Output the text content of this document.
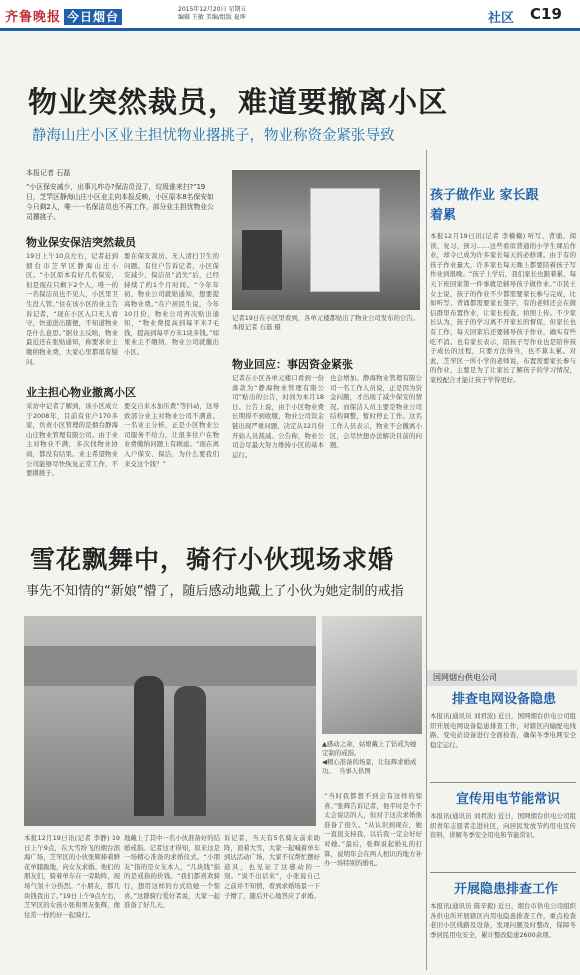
齐鲁晚报 今日烟台
2015年12月20日 星期五
编辑 王敏 美编/组版 夏坤	社区 C19
物业突然裁员，难道要撤离小区
静海山庄小区业主担忧物业撂挑子，物业称资金紧张导致
本报记者 石磊
“小区保安减少，出事儿咋办?保洁员没了，垃圾谁来扫?”19日，芝罘区静海山庄小区业主向本报反映，小区原本8名保安如今只剩2人，唯一一名保洁员也不再工作，部分业主担忧物业公司撂挑子。
物业保安保洁突然裁员
19日上午10点左右，记者赶到烟台市芝罘区静海山庄小区。“小区原本有好几名保安，但是现在只剩下2个人，唯一的一名保洁员也不见人，小区里卫生没人管。”住在该小区的业主告诉记者，“现在小区入口无人看守，快递进出随便，不知道物业是什么意思。”据业主反映，物业最近还在张贴通知，称要求业主缴纳物业费，大家心里都很有疑问。
要在保安裁员、无人清扫卫生的问题。有住户告诉记者，小区保安减少、保洁员“消失”后，已经持续了约1个月时间。“今年年初，物业公司就贴通知，想要提高物业费。”在户居民生说，今年10月份，物业公司再次贴出通知，“物业费提高到每平米7毛钱，提高到每平方米1块多钱。”如果业主不缴纳，物业公司就撤出小区。
业主担心物业撤离小区
采访中记者了解到，该小区成立于2008年，目前有住户170多家，负责小区管理的是烟台静海山庄物业管理有限公司。由于业主对物业不满，多次找物业协商，都没有结果。业主希望物业公司能够尽快恢复正常工作，不要撂挑子。
要交自来水加压费”等抖动，这导致部分业主对物业公司不满意。一名业主分析，正是小区物业公司服务不给力，让很多住户在物业费缴纳问题上有顾虑。“现在离入户保安、保洁，为什么要我们来交这个钱？”
记者19日在小区里看到，各单元楼都贴出了物业公司发布的公告。 本报记者 石磊 摄
物业回应：事因资金紧张
记者在小区各单元楼口看到一份落款为“静海物业管理有限公司”贴出的公告，时间为本月18日。公告上说，由于小区物业费长期得不到收缴，物业公司资金链出现严重问题，决定从12月份开始人员裁减。公告称，物业公司会尽最大努力维持小区的基本运行。
也会增加。静海物业管理有限公司一名工作人员说，正是因为资金问题，才出现了减少保安的情况。而保洁人员主要是物业公司结构调整，暂时停止工作。这名工作人员表示，物业不会撤离小区，会尽快想办法解决目前的问题。
雪花飘舞中，骑行小伙现场求婚
事先不知情的“新娘”懵了，随后感动地戴上了小伙为她定制的戒指
▲感动之余，姑娘戴上了钻戒为她定制的戒指。
◀精心准备的场景，让钰辉求婚成功。  当事人供图
本报12月19日讯(记者 李静) 19日上午9点，在大雪纷飞的烟台滨海广场，芝罘区的小伙张辉捧着鲜花单膝跪地，向女友求婚。他们的朋友们，骑着单车在一旁助阵，现场气氛十分热烈。“小朋友，那几块钱我出了。”19日上午9点左右，芝罘区的女孩小张和男友张辉，像往常一样约好一起骑行。
地戴上了其中一名小伙准备好的结婚戒指。记者这才得知，原来这是一场精心准备的求婚仪式。“小朋友”指的是女友本人，“几块钱”指的是戒指的价钱。“我们都喜欢骑行，想用这样的方式给她一个惊喜。”这群骑行爱好者说，大家一起准备了好几天。
诉记者，当天有5名骑友前来助阵，顶着大雪，大家一起喊着单车到达活动广场，大家不仅帮忙摆好道具，也见证了这感动的一刻。“说不出话来”，小张说自己之前并不知情，看到求婚场景一下子懵了，随后开心地答应了求婚。
“当时我都想不到会有这样的惊喜。”张辉告诉记者，他平时是个不太会说话的人，但对于这次求婚他准备了很久。“从认识到现在，她一直很支持我，以后我一定会好好对她。”最后，张辉说起婚礼的打算，说明年会在两人相识的地方补办一场特别的婚礼。
孩子做作业 家长跟着累
本报12月19日讯(记者 李楠楠) 听写、背诵、阅读、复习、预习……这些看似普通的小学生课后作业，却令已成为许多家长每天的必修课。由于有的孩子作业量大，许多家长每天晚上都要陪着孩子写作业到很晚。“孩子上学后，我们家长也跟着累，每天下班回家第一件事就是辅导孩子做作业。”市民王女士说，孩子的作业不少都需要家长参与完成，比如听写、背诵都需要家长签字，有的老师还会在微信群里布置作业，让家长检查、拍照上传。不少家长认为，孩子的学习离不开家长的督促，但家长也有工作，每天回家后还要辅导孩子作业，确实有些吃不消。也有家长表示，陪孩子写作业也是陪伴孩子成长的过程，只要方法得当，也不算太累。对此，芝罘区一所小学的老师说，布置需要家长参与的作业，主要是为了让家长了解孩子的学习情况，家校配合才能让孩子学得更好。
国网烟台供电公司
排查电网设备隐患
本报讯(通讯员 刘君波) 近日，国网烟台供电公司组织开展电网设备隐患排查工作，对辖区内输配电线路、变电站设备进行全面检查，确保冬季电网安全稳定运行。
宣传用电节能常识
本报讯(通讯员 刘君波) 近日，国网烟台供电公司组织青年志愿者走进社区，向居民发放节约用电宣传资料，讲解冬季安全用电和节能常识。
开展隐患排查工作
本报讯(通讯员 陈辛毅) 近日，烟台市供电公司组织各供电所开展辖区内用电隐患排查工作，重点检查老旧小区线路及设备，发现问题及时整改，保障冬季居民用电安全，累计整改隐患2600余项。
